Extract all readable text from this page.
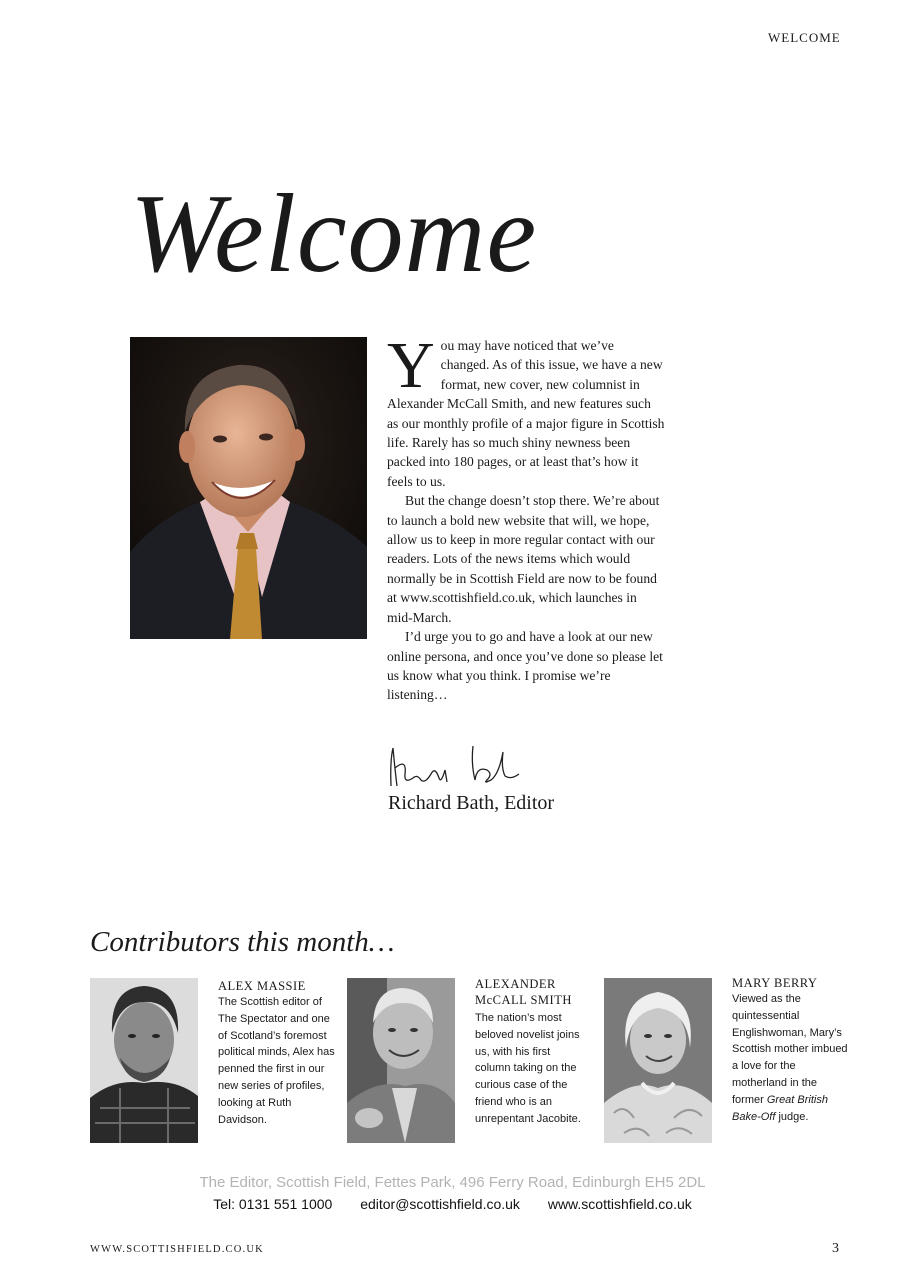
WELCOME
Welcome

You may have noticed that we’ve changed. As of this issue, we have a new format, new cover, new columnist in Alexander McCall Smith, and new features such as our monthly profile of a major figure in Scottish life. Rarely has so much shiny newness been packed into 180 pages, or at least that’s how it feels to us.

But the change doesn’t stop there. We’re about to launch a bold new website that will, we hope, allow us to keep in more regular contact with our readers. Lots of the news items which would normally be in Scottish Field are now to be found at www.scottishfield.co.uk, which launches in mid-March.

I’d urge you to go and have a look at our new online persona, and once you’ve done so please let us know what you think. I promise we’re listening…

Richard Bath, Editor
Contributors this month…
ALEX MASSIE
The Scottish editor of The Spectator and one of Scotland’s foremost political minds, Alex has penned the first in our new series of profiles, looking at Ruth Davidson.
ALEXANDER
McCALL SMITH
The nation’s most beloved novelist joins us, with his first column taking on the curious case of the friend who is an unrepentant Jacobite.
MARY BERRY
Viewed as the quintessential Englishwoman, Mary’s Scottish mother imbued a love for the motherland in the former Great British Bake-Off judge.
The Editor, Scottish Field, Fettes Park, 496 Ferry Road, Edinburgh EH5 2DL
Tel: 0131 551 1000 editor@scottishfield.co.uk www.scottishfield.co.uk
WWW.SCOTTISHFIELD.CO.UK	3
